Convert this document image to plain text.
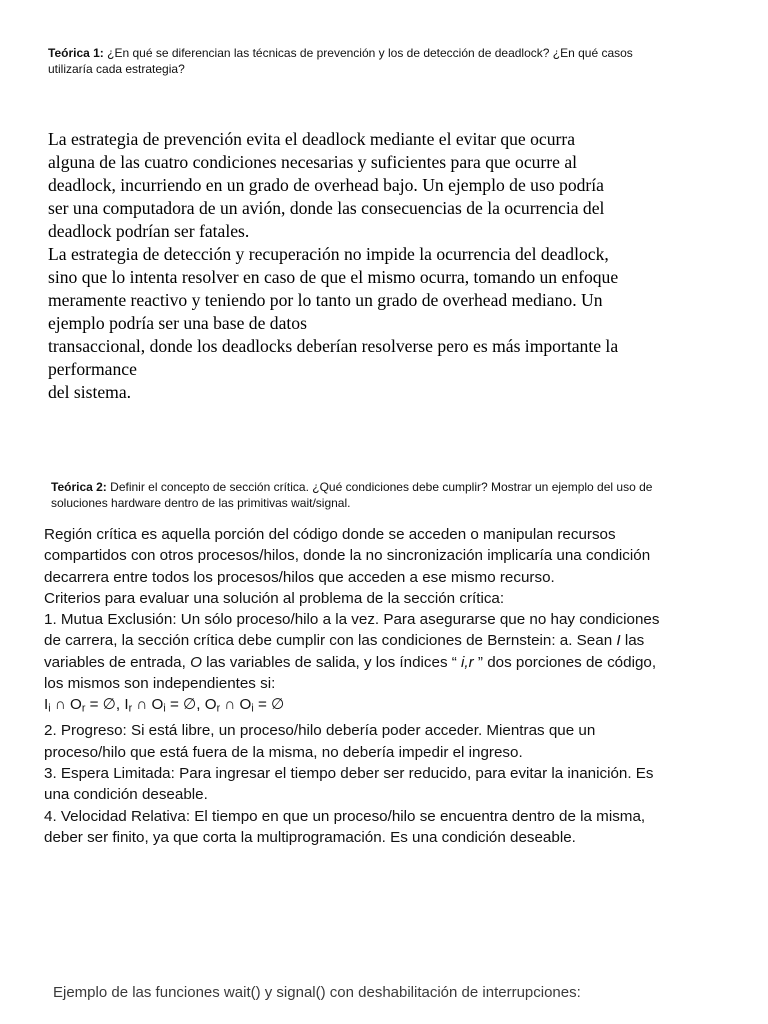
Teórica 1: ¿En qué se diferencian las técnicas de prevención y los de detección de deadlock? ¿En qué casos
utilizaría cada estrategia?
La estrategia de prevención evita el deadlock mediante el evitar que ocurra
alguna de las cuatro condiciones necesarias y suficientes para que ocurre al
deadlock, incurriendo en un grado de overhead bajo. Un ejemplo de uso podría
ser una computadora de un avión, donde las consecuencias de la ocurrencia del
deadlock podrían ser fatales.
La estrategia de detección y recuperación no impide la ocurrencia del deadlock,
sino que lo intenta resolver en caso de que el mismo ocurra, tomando un enfoque
meramente reactivo y teniendo por lo tanto un grado de overhead mediano. Un
ejemplo podría ser una base de datos
transaccional, donde los deadlocks deberían resolverse pero es más importante la
performance
del sistema.
Teórica 2: Definir el concepto de sección crítica. ¿Qué condiciones debe cumplir? Mostrar un ejemplo del uso de
soluciones hardware dentro de las primitivas wait/signal.
Región crítica es aquella porción del código donde se acceden o manipulan recursos
compartidos con otros procesos/hilos, donde la no sincronización implicaría una condición
decarrera entre todos los procesos/hilos que acceden a ese mismo recurso.
Criterios para evaluar una solución al problema de la sección crítica:
1. Mutua Exclusión: Un sólo proceso/hilo a la vez. Para asegurarse que no hay condiciones
de carrera, la sección crítica debe cumplir con las condiciones de Bernstein: a. Sean I las
variables de entrada, O las variables de salida, y los índices “ i,r ” dos porciones de código,
los mismos son independientes si:
$I_i$ ∩ $O_r$ = ∅, $I_r$ ∩ $O_i$ = ∅, $O_r$ ∩ $O_i$ = ∅
2. Progreso: Si está libre, un proceso/hilo debería poder acceder. Mientras que un
proceso/hilo que está fuera de la misma, no debería impedir el ingreso.
3. Espera Limitada: Para ingresar el tiempo deber ser reducido, para evitar la inanición. Es
una condición deseable.
4. Velocidad Relativa: El tiempo en que un proceso/hilo se encuentra dentro de la misma,
deber ser finito, ya que corta la multiprogramación. Es una condición deseable.
Ejemplo de las funciones wait() y signal() con deshabilitación de interrupciones:
